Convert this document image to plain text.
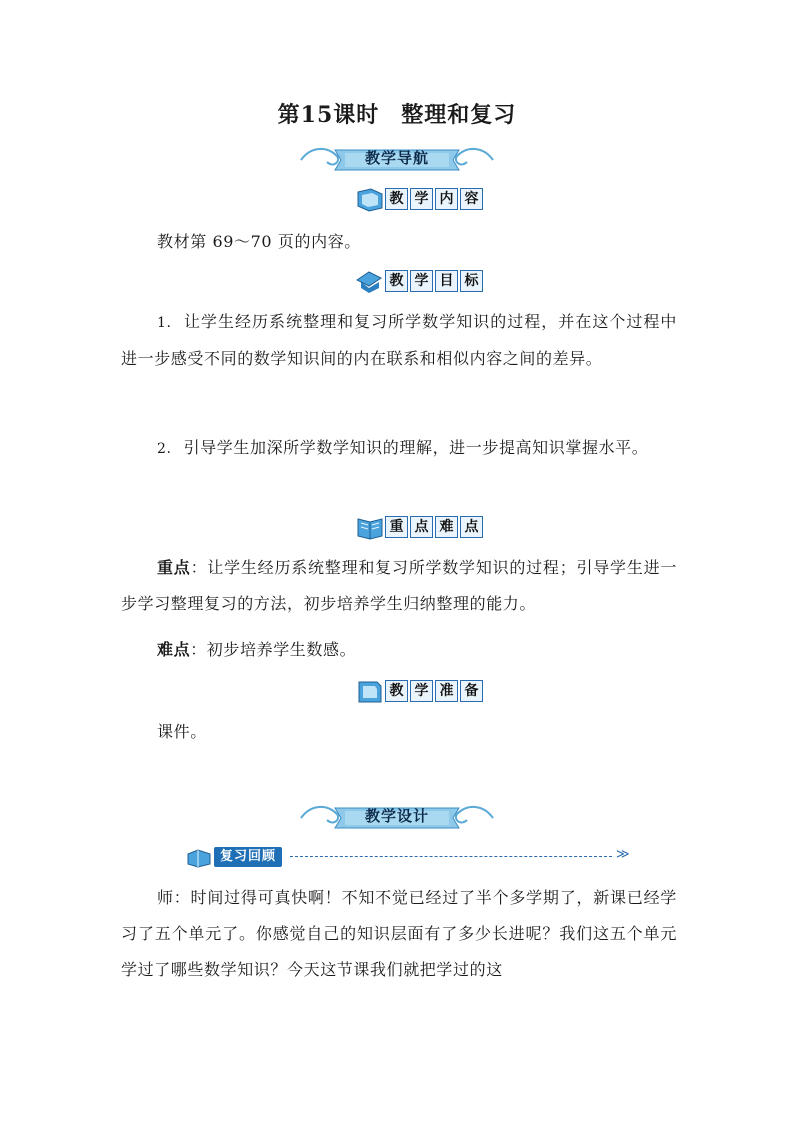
第15课时 整理和复习
教学导航
教 学 内 容
教材第 69～70 页的内容。
教 学 目 标
1. 让学生经历系统整理和复习所学数学知识的过程，并在这个过程中进一步感受不同的数学知识间的内在联系和相似内容之间的差异。
2. 引导学生加深所学数学知识的理解，进一步提高知识掌握水平。
重 点 难 点
重点：让学生经历系统整理和复习所学数学知识的过程；引导学生进一步学习整理复习的方法，初步培养学生归纳整理的能力。
难点：初步培养学生数感。
教 学 准 备
课件。
教学设计
复习回顾	≫
师：时间过得可真快啊！不知不觉已经过了半个多学期了，新课已经学习了五个单元了。你感觉自己的知识层面有了多少长进呢？我们这五个单元学过了哪些数学知识？今天这节课我们就把学过的这
